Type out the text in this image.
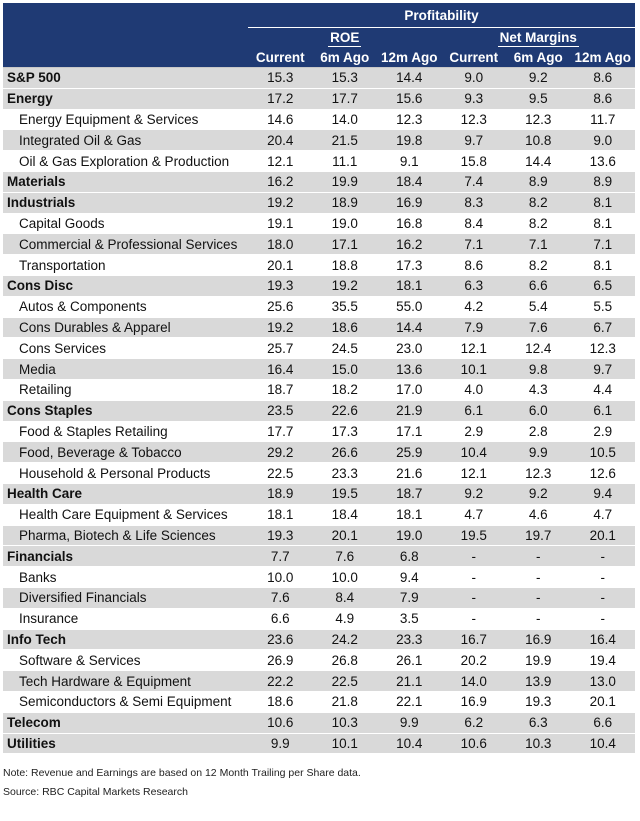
	Profitability					
	ROE			Net Margins		
	Current	6m Ago	12m Ago	Current	6m Ago	12m Ago
S&P 500	15.3	15.3	14.4	9.0	9.2	8.6
Energy	17.2	17.7	15.6	9.3	9.5	8.6
Energy Equipment & Services	14.6	14.0	12.3	12.3	12.3	11.7
Integrated Oil & Gas	20.4	21.5	19.8	9.7	10.8	9.0
Oil & Gas Exploration & Production	12.1	11.1	9.1	15.8	14.4	13.6
Materials	16.2	19.9	18.4	7.4	8.9	8.9
Industrials	19.2	18.9	16.9	8.3	8.2	8.1
Capital Goods	19.1	19.0	16.8	8.4	8.2	8.1
Commercial & Professional Services	18.0	17.1	16.2	7.1	7.1	7.1
Transportation	20.1	18.8	17.3	8.6	8.2	8.1
Cons Disc	19.3	19.2	18.1	6.3	6.6	6.5
Autos & Components	25.6	35.5	55.0	4.2	5.4	5.5
Cons Durables & Apparel	19.2	18.6	14.4	7.9	7.6	6.7
Cons Services	25.7	24.5	23.0	12.1	12.4	12.3
Media	16.4	15.0	13.6	10.1	9.8	9.7
Retailing	18.7	18.2	17.0	4.0	4.3	4.4
Cons Staples	23.5	22.6	21.9	6.1	6.0	6.1
Food & Staples Retailing	17.7	17.3	17.1	2.9	2.8	2.9
Food, Beverage & Tobacco	29.2	26.6	25.9	10.4	9.9	10.5
Household & Personal Products	22.5	23.3	21.6	12.1	12.3	12.6
Health Care	18.9	19.5	18.7	9.2	9.2	9.4
Health Care Equipment & Services	18.1	18.4	18.1	4.7	4.6	4.7
Pharma, Biotech & Life Sciences	19.3	20.1	19.0	19.5	19.7	20.1
Financials	7.7	7.6	6.8	-	-	-
Banks	10.0	10.0	9.4	-	-	-
Diversified Financials	7.6	8.4	7.9	-	-	-
Insurance	6.6	4.9	3.5	-	-	-
Info Tech	23.6	24.2	23.3	16.7	16.9	16.4
Software & Services	26.9	26.8	26.1	20.2	19.9	19.4
Tech Hardware & Equipment	22.2	22.5	21.1	14.0	13.9	13.0
Semiconductors & Semi Equipment	18.6	21.8	22.1	16.9	19.3	20.1
Telecom	10.6	10.3	9.9	6.2	6.3	6.6
Utilities	9.9	10.1	10.4	10.6	10.3	10.4
Note: Revenue and Earnings are based on 12 Month Trailing per Share data.
Source: RBC Capital Markets Research
